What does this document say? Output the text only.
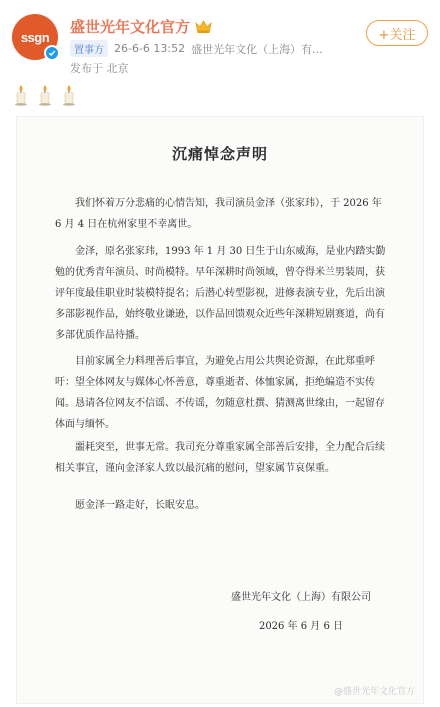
ssgn
盛世光年文化官方
置事方 26-6-6 13:52 盛世光年文化（上海）有...
发布于 北京
+关注
沉痛悼念声明

我们怀着万分悲痛的心情告知，我司演员金泽（张家玮），于 2026 年 6 月 4 日在杭州家里不幸离世。

金泽，原名张家玮，1993 年 1 月 30 日生于山东威海，是业内踏实勤勉的优秀青年演员、时尚模特。早年深耕时尚领域，曾夺得米兰男装周，获评年度最佳职业时装模特提名；后潜心转型影视，进修表演专业，先后出演多部影视作品，始终敬业谦逊，以作品回馈观众近些年深耕短剧赛道，尚有多部优质作品待播。

目前家属全力料理善后事宜，为避免占用公共舆论资源，在此郑重呼吁：望全体网友与媒体心怀善意，尊重逝者、体恤家属，拒绝编造不实传闻。恳请各位网友不信谣、不传谣，勿随意杜撰、猜测离世缘由，一起留存体面与缅怀。

噩耗突至，世事无常。我司充分尊重家属全部善后安排，全力配合后续相关事宜，谨向金泽家人致以最沉痛的慰问，望家属节哀保重。

愿金泽一路走好，长眠安息。

盛世光年文化（上海）有限公司
2026 年 6 月 6 日
@盛世光年文化官方
